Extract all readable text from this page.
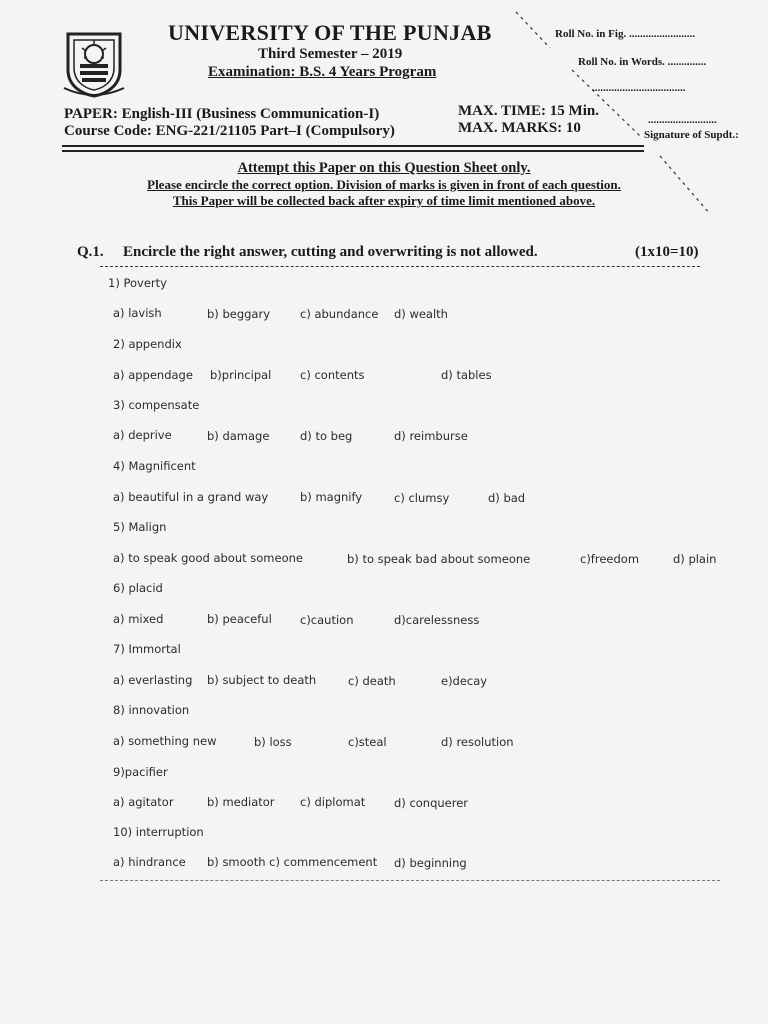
UNIVERSITY OF THE PUNJAB
Third Semester – 2019
Examination: B.S. 4 Years Program
Roll No. in Fig. ........................
Roll No. in Words. ..............
..................................
.........................
Signature of Supdt.:
PAPER: English-III (Business Communication-I)
Course Code: ENG-221/21105 Part–I (Compulsory)
MAX. TIME: 15 Min.
MAX. MARKS: 10
Attempt this Paper on this Question Sheet only.
Please encircle the correct option. Division of marks is given in front of each question.
This Paper will be collected back after expiry of time limit mentioned above.
Q.1. Encircle the right answer, cutting and overwriting is not allowed.	(1x10=10)
1) Poverty
a) lavish	b) beggary	c) abundance d) wealth
2) appendix
a) appendage b)principal c) contents	d) tables
3) compensate
a) deprive	b) damage	d) to beg	d) reimburse
4) Magnificent
a) beautiful in a grand way	b) magnify	c) clumsy	d) bad
5) Malign
a) to speak good about someone	b) to speak bad about someone	c)freedom	d) plain
6) placid
a) mixed	b) peaceful c)caution	d)carelessness
7) Immortal
a) everlasting b) subject to death	c) death	e)decay
8) innovation
a) something new	b) loss	c)steal	d) resolution
9)pacifier
a) agitator	b) mediator c) diplomat	d) conquerer
10) interruption
a) hindrance b) smooth c) commencement d) beginning
